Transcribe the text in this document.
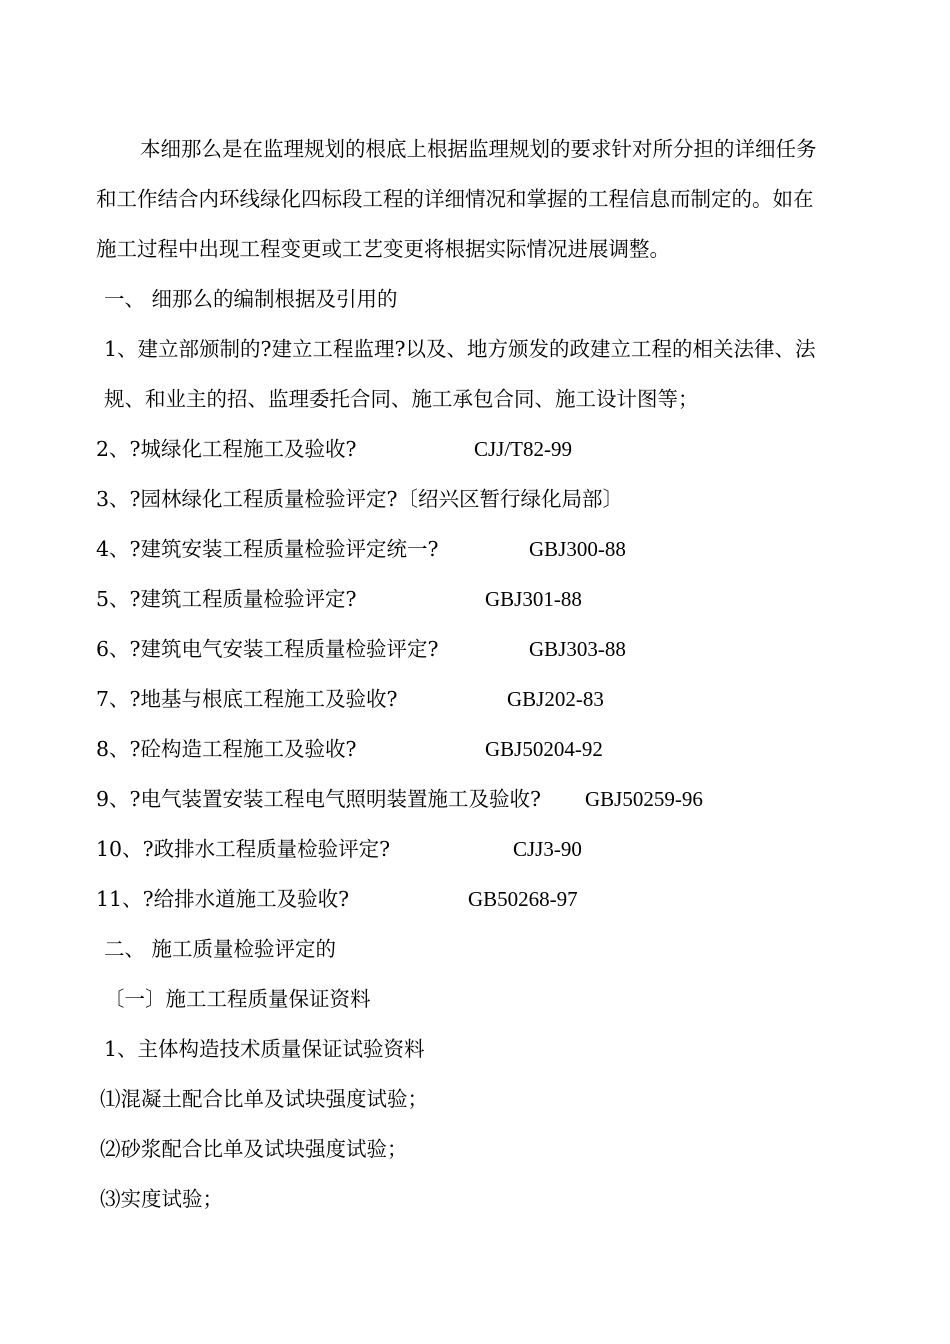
本细那么是在监理规划的根底上根据监理规划的要求针对所分担的详细任务
和工作结合内环线绿化四标段工程的详细情况和掌握的工程信息而制定的。如在
施工过程中出现工程变更或工艺变更将根据实际情况进展调整。
一、 细那么的编制根据及引用的
1、建立部颁制的?建立工程监理?以及、地方颁发的政建立工程的相关法律、法
规、和业主的招、监理委托合同、施工承包合同、施工设计图等；
2、?城绿化工程施工及验收?	CJJ/T82-99
3、?园林绿化工程质量检验评定?〔绍兴区暂行绿化局部〕
4、?建筑安装工程质量检验评定统一?	GBJ300-88
5、?建筑工程质量检验评定?	GBJ301-88
6、?建筑电气安装工程质量检验评定?	GBJ303-88
7、?地基与根底工程施工及验收?	GBJ202-83
8、?砼构造工程施工及验收?	GBJ50204-92
9、?电气装置安装工程电气照明装置施工及验收? GBJ50259-96
10、?政排水工程质量检验评定?	CJJ3-90
11、?给排水道施工及验收?	GB50268-97
二、 施工质量检验评定的
〔一〕施工工程质量保证资料
1、主体构造技术质量保证试验资料
⑴混凝土配合比单及试块强度试验；
⑵砂浆配合比单及试块强度试验；
⑶实度试验；
